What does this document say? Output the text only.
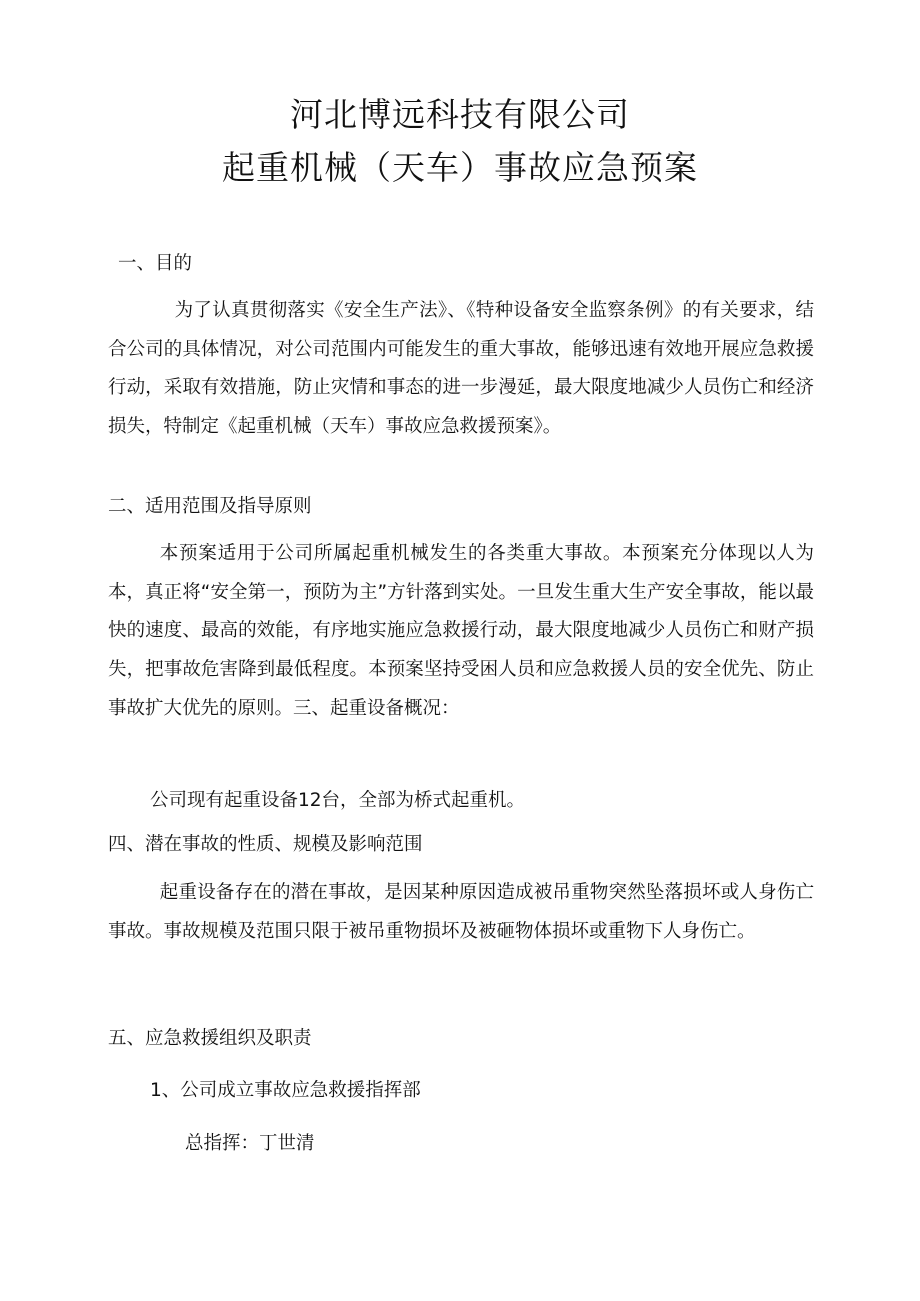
河北博远科技有限公司
起重机械（天车）事故应急预案
一、目的

为了认真贯彻落实《安全生产法》、《特种设备安全监察条例》的有关要求，结合公司的具体情况，对公司范围内可能发生的重大事故，能够迅速有效地开展应急救援行动，采取有效措施，防止灾情和事态的进一步漫延，最大限度地减少人员伤亡和经济损失，特制定《起重机械（天车）事故应急救援预案》。

二、适用范围及指导原则

本预案适用于公司所属起重机械发生的各类重大事故。本预案充分体现以人为本，真正将“安全第一，预防为主”方针落到实处。一旦发生重大生产安全事故，能以最快的速度、最高的效能，有序地实施应急救援行动，最大限度地减少人员伤亡和财产损失，把事故危害降到最低程度。本预案坚持受困人员和应急救援人员的安全优先、防止事故扩大优先的原则。三、起重设备概况：

公司现有起重设备12台，全部为桥式起重机。

四、潜在事故的性质、规模及影响范围

起重设备存在的潜在事故，是因某种原因造成被吊重物突然坠落损坏或人身伤亡事故。事故规模及范围只限于被吊重物损坏及被砸物体损坏或重物下人身伤亡。

五、应急救援组织及职责

1、公司成立事故应急救援指挥部

总指挥：丁世清
